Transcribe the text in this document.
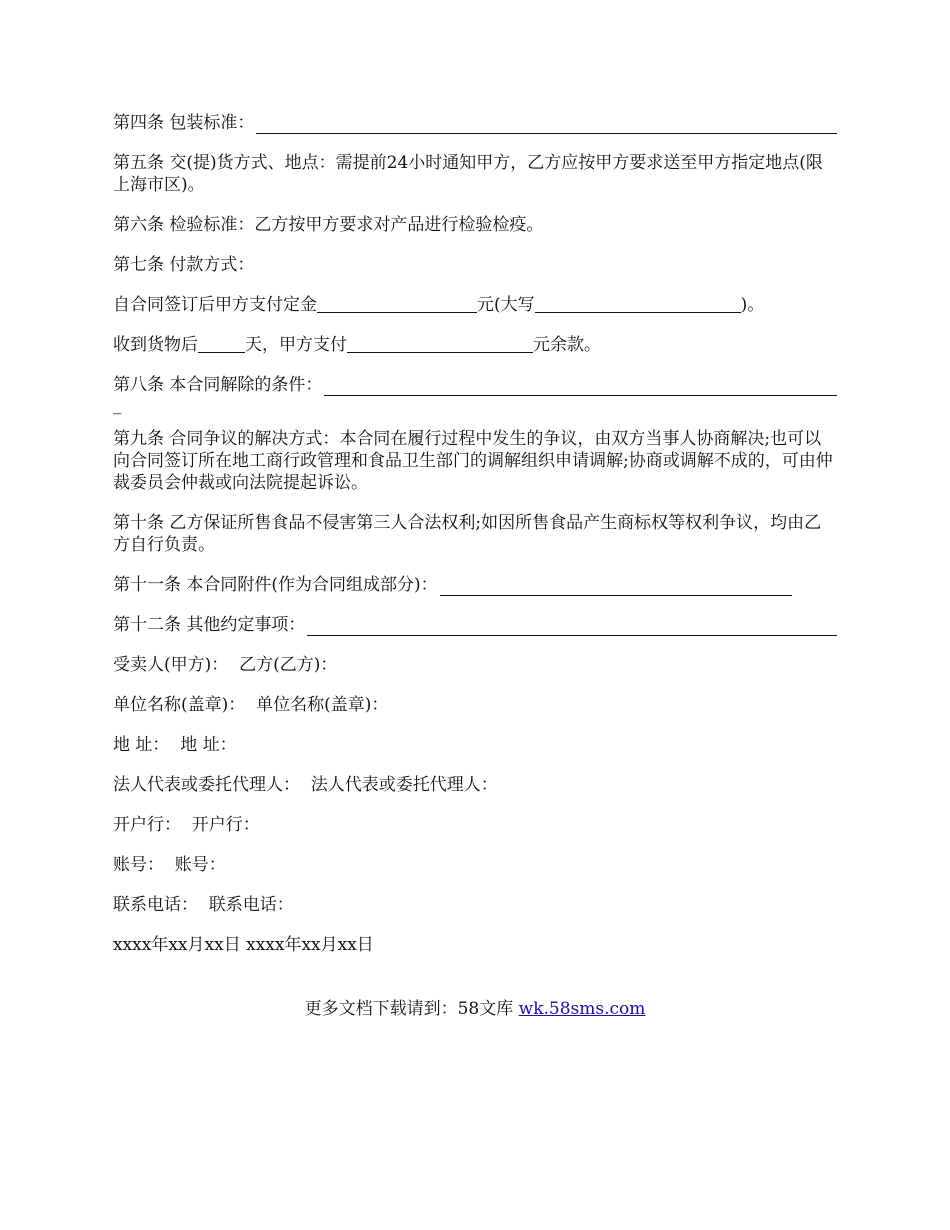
第四条 包装标准：

第五条 交(提)货方式、地点：需提前24小时通知甲方，乙方应按甲方要求送至甲方指定地点(限上海市区)。

第六条 检验标准：乙方按甲方要求对产品进行检验检疫。

第七条 付款方式：

自合同签订后甲方支付定金	元(大写	)。

收到货物后	天，甲方支付	元余款。

第八条 本合同解除的条件：
_

第九条 合同争议的解决方式：本合同在履行过程中发生的争议，由双方当事人协商解决;也可以向合同签订所在地工商行政管理和食品卫生部门的调解组织申请调解;协商或调解不成的，可由仲裁委员会仲裁或向法院提起诉讼。

第十条 乙方保证所售食品不侵害第三人合法权利;如因所售食品产生商标权等权利争议，均由乙方自行负责。

第十一条 本合同附件(作为合同组成部分)：
第十二条 其他约定事项：

受卖人(甲方)：  乙方(乙方)：

单位名称(盖章)：  单位名称(盖章)：

地 址：  地 址：

法人代表或委托代理人：  法人代表或委托代理人：

开户行：  开户行：

账号：  账号：

联系电话：  联系电话：

xxxx年xx月xx日 xxxx年xx月xx日

更多文档下载请到：58文库 wk.58sms.com
